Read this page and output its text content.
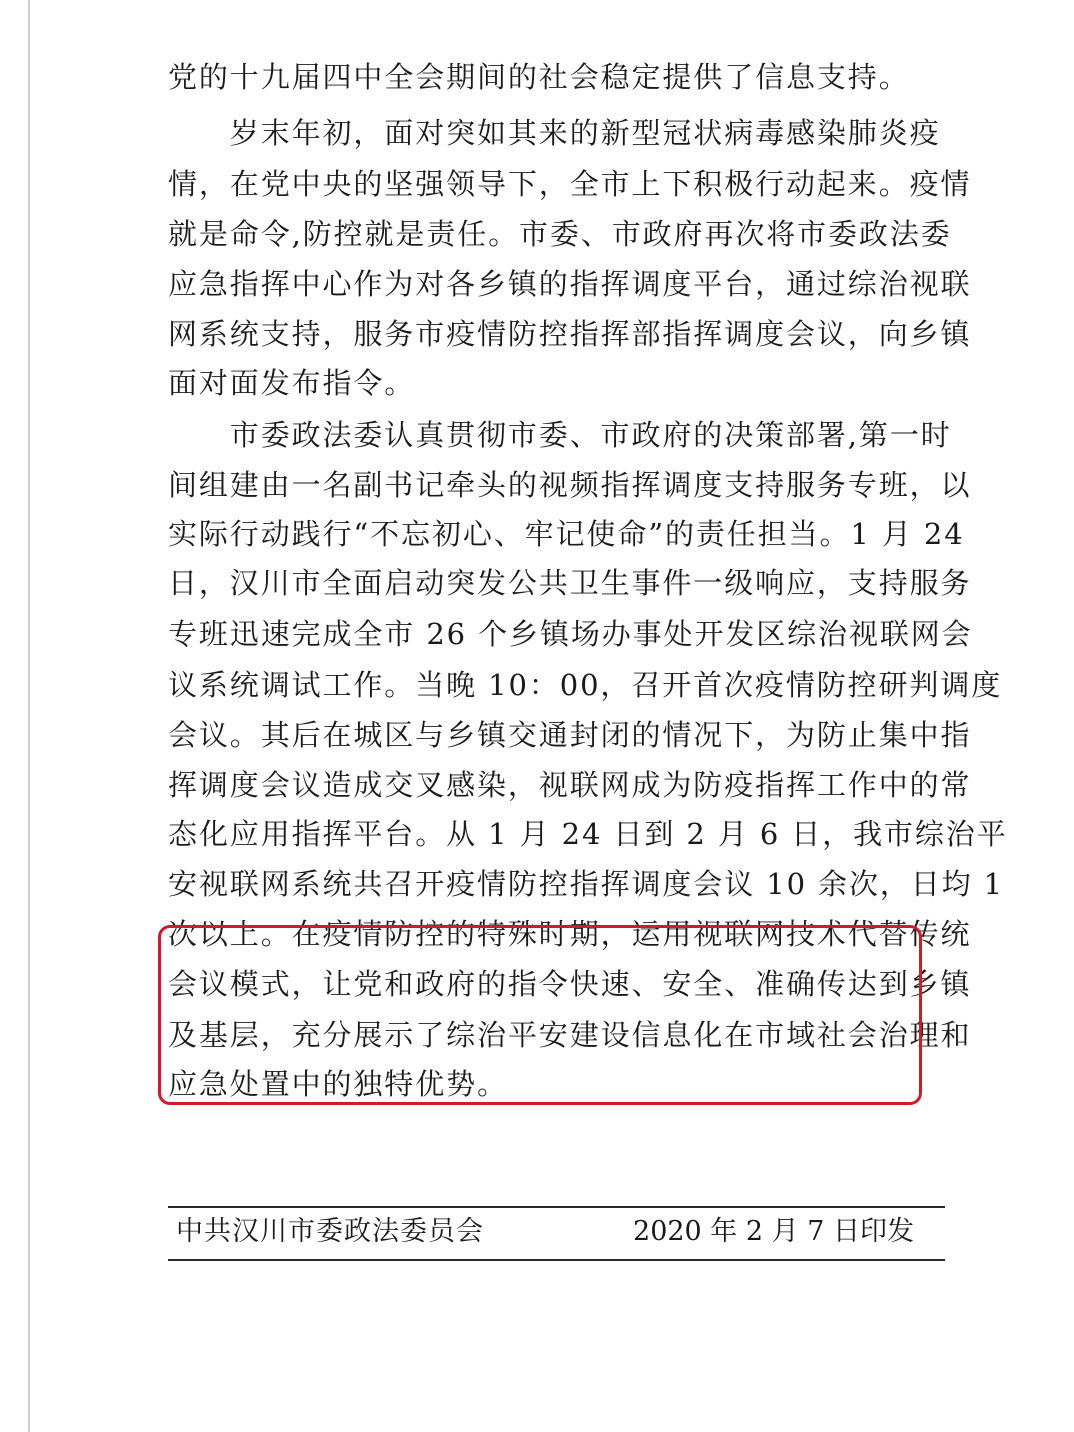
党的十九届四中全会期间的社会稳定提供了信息支持。
　　岁末年初，面对突如其来的新型冠状病毒感染肺炎疫
情，在党中央的坚强领导下，全市上下积极行动起来。疫情
就是命令,防控就是责任。市委、市政府再次将市委政法委
应急指挥中心作为对各乡镇的指挥调度平台，通过综治视联
网系统支持，服务市疫情防控指挥部指挥调度会议，向乡镇
面对面发布指令。
　　市委政法委认真贯彻市委、市政府的决策部署,第一时
间组建由一名副书记牵头的视频指挥调度支持服务专班，以
实际行动践行“不忘初心、牢记使命”的责任担当。1 月 24
日，汉川市全面启动突发公共卫生事件一级响应，支持服务
专班迅速完成全市 26 个乡镇场办事处开发区综治视联网会
议系统调试工作。当晚 10：00，召开首次疫情防控研判调度
会议。其后在城区与乡镇交通封闭的情况下，为防止集中指
挥调度会议造成交叉感染，视联网成为防疫指挥工作中的常
态化应用指挥平台。从 1 月 24 日到 2 月 6 日，我市综治平
安视联网系统共召开疫情防控指挥调度会议 10 余次，日均 1
次以上。在疫情防控的特殊时期，运用视联网技术代替传统
会议模式，让党和政府的指令快速、安全、准确传达到乡镇
及基层，充分展示了综治平安建设信息化在市域社会治理和
应急处置中的独特优势。
中共汉川市委政法委员会	2020 年 2 月 7 日印发
